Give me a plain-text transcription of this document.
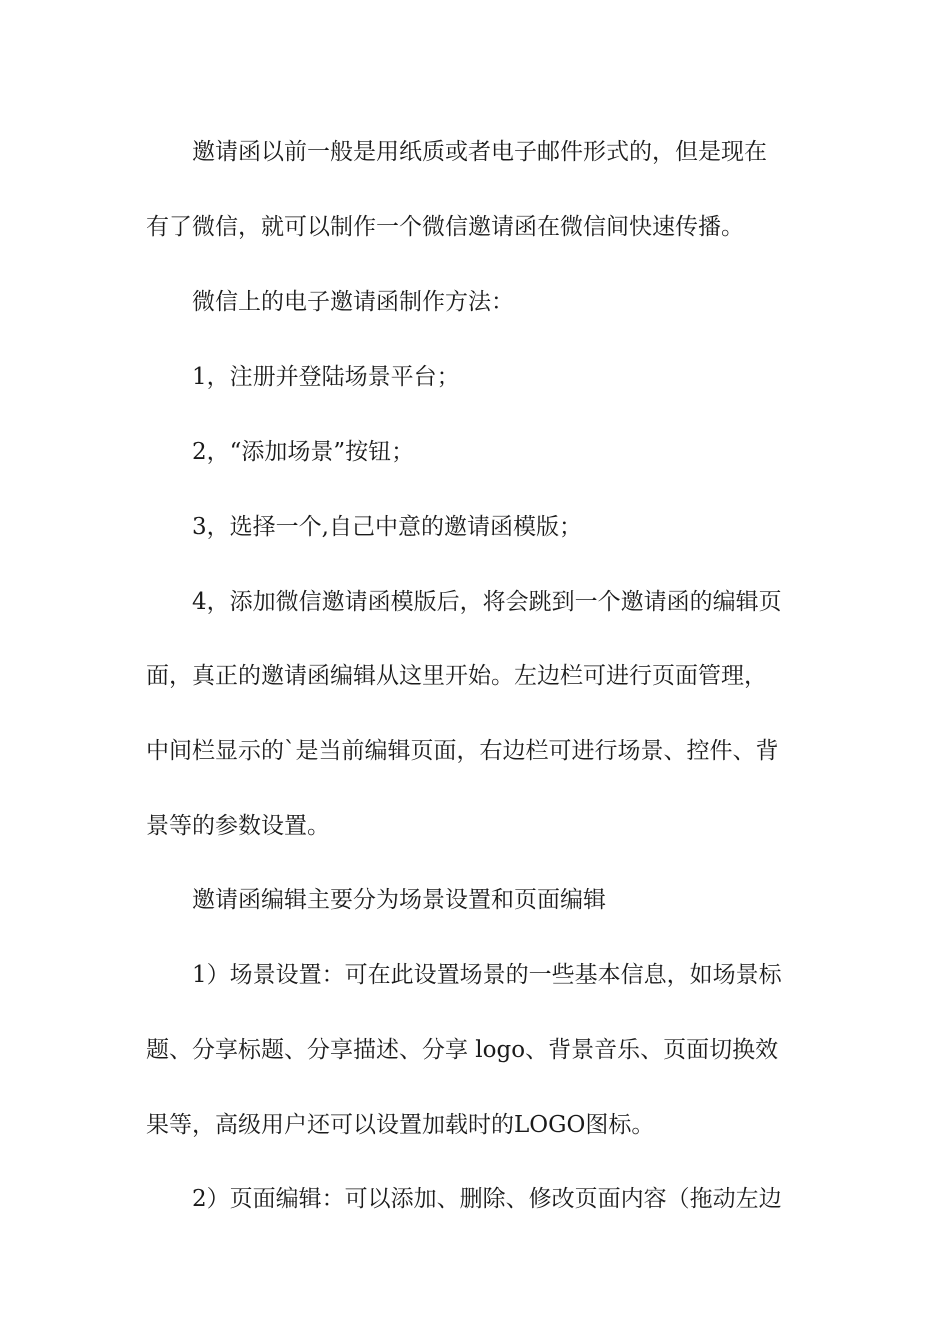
邀请函以前一般是用纸质或者电子邮件形式的，但是现在
有了微信，就可以制作一个微信邀请函在微信间快速传播。
微信上的电子邀请函制作方法：
1，注册并登陆场景平台；
2，“添加场景”按钮；
3，选择一个,自己中意的邀请函模版；
4，添加微信邀请函模版后，将会跳到一个邀请函的编辑页
面，真正的邀请函编辑从这里开始。左边栏可进行页面管理，
中间栏显示的`是当前编辑页面，右边栏可进行场景、控件、背
景等的参数设置。
邀请函编辑主要分为场景设置和页面编辑
1）场景设置：可在此设置场景的一些基本信息，如场景标
题、分享标题、分享描述、分享 logo、背景音乐、页面切换效
果等，高级用户还可以设置加载时的LOGO图标。
2）页面编辑：可以添加、删除、修改页面内容（拖动左边
